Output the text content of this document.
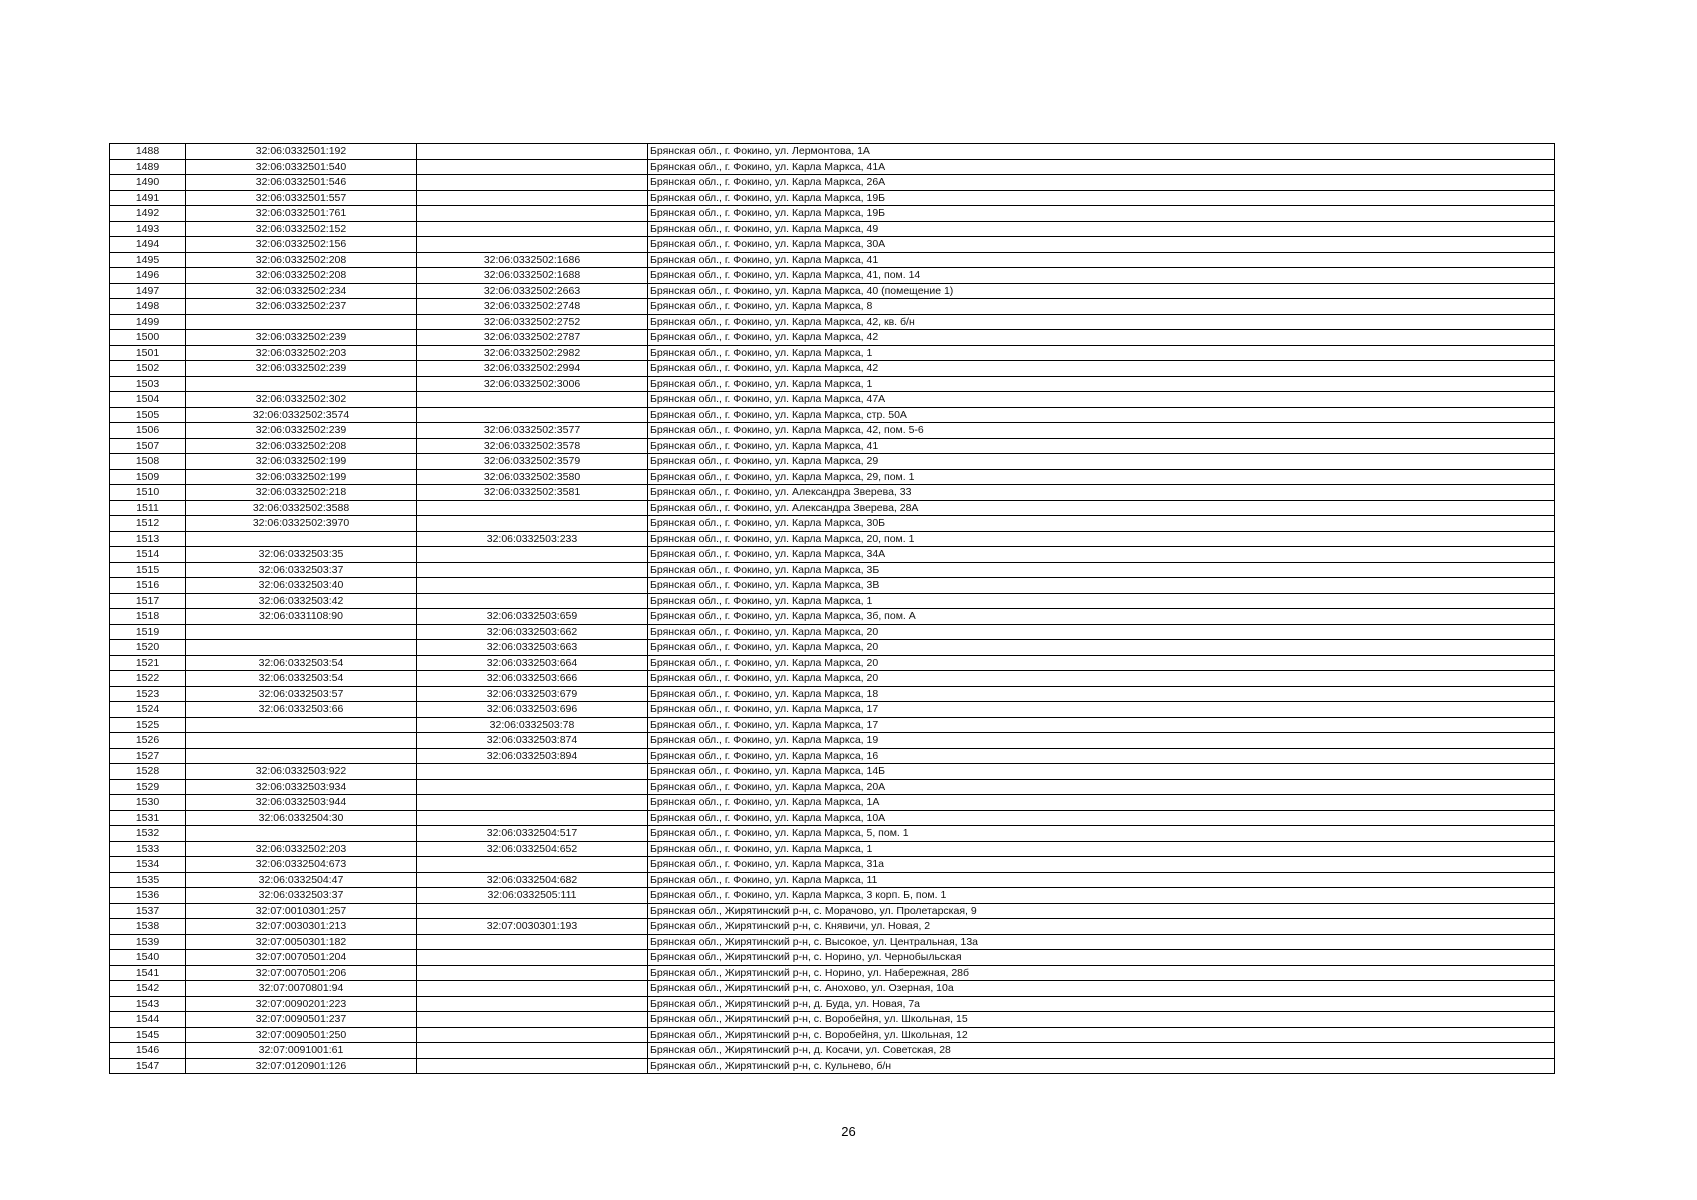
1488	32:06:0332501:192		Брянская обл., г. Фокино, ул. Лермонтова, 1А
1489	32:06:0332501:540		Брянская обл., г. Фокино, ул. Карла Маркса, 41А
1490	32:06:0332501:546		Брянская обл., г. Фокино, ул. Карла Маркса, 26А
1491	32:06:0332501:557		Брянская обл., г. Фокино, ул. Карла Маркса, 19Б
1492	32:06:0332501:761		Брянская обл., г. Фокино, ул. Карла Маркса, 19Б
1493	32:06:0332502:152		Брянская обл., г. Фокино, ул. Карла Маркса, 49
1494	32:06:0332502:156		Брянская обл., г. Фокино, ул. Карла Маркса, 30А
1495	32:06:0332502:208	32:06:0332502:1686	Брянская обл., г. Фокино, ул. Карла Маркса, 41
1496	32:06:0332502:208	32:06:0332502:1688	Брянская обл., г. Фокино, ул. Карла Маркса, 41, пом. 14
1497	32:06:0332502:234	32:06:0332502:2663	Брянская обл., г. Фокино, ул. Карла Маркса, 40 (помещение 1)
1498	32:06:0332502:237	32:06:0332502:2748	Брянская обл., г. Фокино, ул. Карла Маркса, 8
1499		32:06:0332502:2752	Брянская обл., г. Фокино, ул. Карла Маркса, 42, кв. б/н
1500	32:06:0332502:239	32:06:0332502:2787	Брянская обл., г. Фокино, ул. Карла Маркса, 42
1501	32:06:0332502:203	32:06:0332502:2982	Брянская обл., г. Фокино, ул. Карла Маркса, 1
1502	32:06:0332502:239	32:06:0332502:2994	Брянская обл., г. Фокино, ул. Карла Маркса, 42
1503		32:06:0332502:3006	Брянская обл., г. Фокино, ул. Карла Маркса, 1
1504	32:06:0332502:302		Брянская обл., г. Фокино, ул. Карла Маркса, 47А
1505	32:06:0332502:3574		Брянская обл., г. Фокино, ул. Карла Маркса, стр. 50А
1506	32:06:0332502:239	32:06:0332502:3577	Брянская обл., г. Фокино, ул. Карла Маркса, 42, пом. 5-6
1507	32:06:0332502:208	32:06:0332502:3578	Брянская обл., г. Фокино, ул. Карла Маркса, 41
1508	32:06:0332502:199	32:06:0332502:3579	Брянская обл., г. Фокино, ул. Карла Маркса, 29
1509	32:06:0332502:199	32:06:0332502:3580	Брянская обл., г. Фокино, ул. Карла Маркса, 29, пом. 1
1510	32:06:0332502:218	32:06:0332502:3581	Брянская обл., г. Фокино, ул. Александра Зверева, 33
1511	32:06:0332502:3588		Брянская обл., г. Фокино, ул. Александра Зверева, 28А
1512	32:06:0332502:3970		Брянская обл., г. Фокино, ул. Карла Маркса, 30Б
1513		32:06:0332503:233	Брянская обл., г. Фокино, ул. Карла Маркса, 20, пом. 1
1514	32:06:0332503:35		Брянская обл., г. Фокино, ул. Карла Маркса, 34А
1515	32:06:0332503:37		Брянская обл., г. Фокино, ул. Карла Маркса, 3Б
1516	32:06:0332503:40		Брянская обл., г. Фокино, ул. Карла Маркса, 3В
1517	32:06:0332503:42		Брянская обл., г. Фокино, ул. Карла Маркса, 1
1518	32:06:0331108:90	32:06:0332503:659	Брянская обл., г. Фокино, ул. Карла Маркса, 3б, пом. А
1519		32:06:0332503:662	Брянская обл., г. Фокино, ул. Карла Маркса, 20
1520		32:06:0332503:663	Брянская обл., г. Фокино, ул. Карла Маркса, 20
1521	32:06:0332503:54	32:06:0332503:664	Брянская обл., г. Фокино, ул. Карла Маркса, 20
1522	32:06:0332503:54	32:06:0332503:666	Брянская обл., г. Фокино, ул. Карла Маркса, 20
1523	32:06:0332503:57	32:06:0332503:679	Брянская обл., г. Фокино, ул. Карла Маркса, 18
1524	32:06:0332503:66	32:06:0332503:696	Брянская обл., г. Фокино, ул. Карла Маркса, 17
1525		32:06:0332503:78	Брянская обл., г. Фокино, ул. Карла Маркса, 17
1526		32:06:0332503:874	Брянская обл., г. Фокино, ул. Карла Маркса, 19
1527		32:06:0332503:894	Брянская обл., г. Фокино, ул. Карла Маркса, 16
1528	32:06:0332503:922		Брянская обл., г. Фокино, ул. Карла Маркса, 14Б
1529	32:06:0332503:934		Брянская обл., г. Фокино, ул. Карла Маркса, 20А
1530	32:06:0332503:944		Брянская обл., г. Фокино, ул. Карла Маркса, 1А
1531	32:06:0332504:30		Брянская обл., г. Фокино, ул. Карла Маркса, 10А
1532		32:06:0332504:517	Брянская обл., г. Фокино, ул. Карла Маркса, 5, пом. 1
1533	32:06:0332502:203	32:06:0332504:652	Брянская обл., г. Фокино, ул. Карла Маркса, 1
1534	32:06:0332504:673		Брянская обл., г. Фокино, ул. Карла Маркса, 31а
1535	32:06:0332504:47	32:06:0332504:682	Брянская обл., г. Фокино, ул. Карла Маркса, 11
1536	32:06:0332503:37	32:06:0332505:111	Брянская обл., г. Фокино, ул. Карла Маркса, 3 корп. Б, пом. 1
1537	32:07:0010301:257		Брянская обл., Жирятинский р-н, с. Морачово, ул. Пролетарская, 9
1538	32:07:0030301:213	32:07:0030301:193	Брянская обл., Жирятинский р-н, с. Княвичи, ул. Новая, 2
1539	32:07:0050301:182		Брянская обл., Жирятинский р-н, с. Высокое, ул. Центральная, 13а
1540	32:07:0070501:204		Брянская обл., Жирятинский р-н, с. Норино, ул. Чернобыльская
1541	32:07:0070501:206		Брянская обл., Жирятинский р-н, с. Норино, ул. Набережная, 28б
1542	32:07:0070801:94		Брянская обл., Жирятинский р-н, с. Анохово, ул. Озерная, 10а
1543	32:07:0090201:223		Брянская обл., Жирятинский р-н, д. Буда, ул. Новая, 7а
1544	32:07:0090501:237		Брянская обл., Жирятинский р-н, с. Воробейня, ул. Школьная, 15
1545	32:07:0090501:250		Брянская обл., Жирятинский р-н, с. Воробейня, ул. Школьная, 12
1546	32:07:0091001:61		Брянская обл., Жирятинский р-н, д. Косачи, ул. Советская, 28
1547	32:07:0120901:126		Брянская обл., Жирятинский р-н, с. Кульнево, б/н
26
